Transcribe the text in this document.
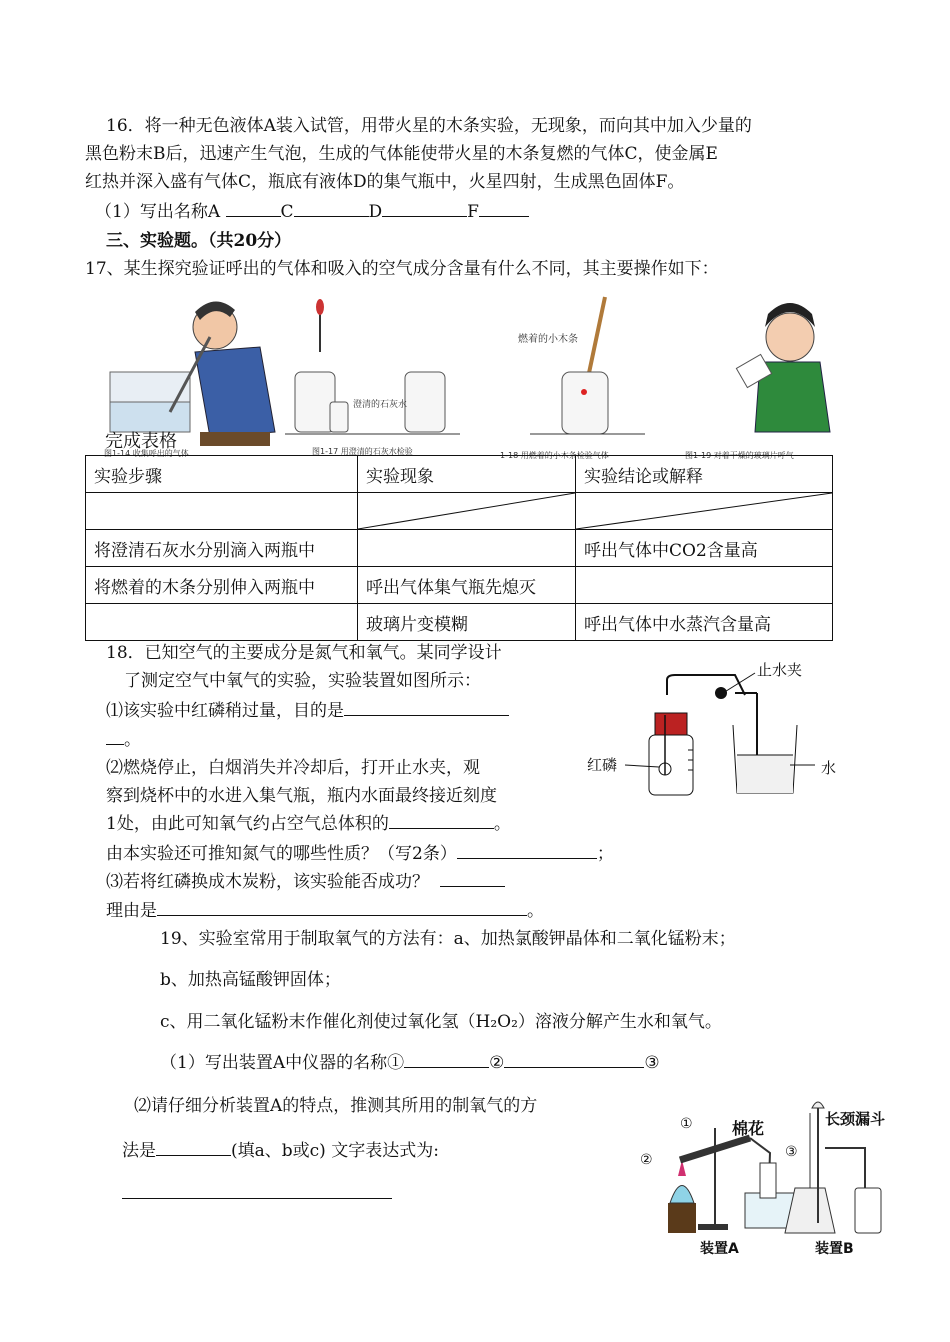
16．将一种无色液体A装入试管，用带火星的木条实验，无现象，而向其中加入少量的
黑色粉末B后，迅速产生气泡，生成的气体能使带火星的木条复燃的气体C，使金属E
红热并深入盛有气体C，瓶底有液体D的集气瓶中，火星四射，生成黑色固体F。
（1）写出名称A	C	D	F
三、实验题。（共20分）
17、某生探究验证呼出的气体和吸入的空气成分含量有什么不同，其主要操作如下：
图1-14 收集呼出的气体
澄清的石灰水
图1-17 用澄清的石灰水检验
燃着的小木条
1-18 用燃着的小木条检验气体	图1-19 对着干燥的玻璃片呼气
完成表格
实验步骤	实验现象	实验结论或解释

将澄清石灰水分别滴入两瓶中		呼出气体中CO2含量高
将燃着的木条分别伸入两瓶中	呼出气体集气瓶先熄灭	
	玻璃片变模糊	呼出气体中水蒸汽含量高
18．已知空气的主要成分是氮气和氧气。某同学设计
了测定空气中氧气的实验，实验装置如图所示：
⑴该实验中红磷稍过量，目的是
。
⑵燃烧停止，白烟消失并冷却后，打开止水夹，观
察到烧杯中的水进入集气瓶，瓶内水面最终接近刻度
1处，由此可知氧气约占空气总体积的	。
由本实验还可推知氮气的哪些性质？（写2条）	；
⑶若将红磷换成木炭粉，该实验能否成功？
理由是	。
止水夹
红磷	水
19、实验室常用于制取氧气的方法有：a、加热氯酸钾晶体和二氧化锰粉末；
b、加热高锰酸钾固体；
c、用二氧化锰粉末作催化剂使过氧化氢（H₂O₂）溶液分解产生水和氧气。
（1）写出装置A中仪器的名称①	②	③
⑵请仔细分析装置A的特点，推测其所用的制氧气的方
法是	(填a、b或c) 文字表达式为:
① 棉花
②	③
长颈漏斗
装置A	装置B
